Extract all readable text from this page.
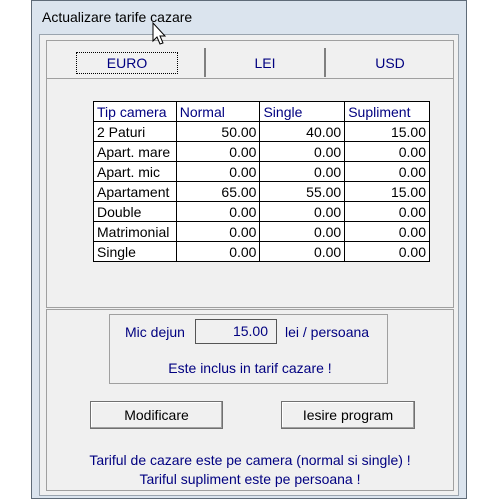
Actualizare tarife cazare
EURO	LEI	USD
Tip camera	Normal	Single	Supliment
2 Paturi	50.00	40.00	15.00
Apart. mare	0.00	0.00	0.00
Apart. mic	0.00	0.00	0.00
Apartament	65.00	55.00	15.00
Double	0.00	0.00	0.00
Matrimonial	0.00	0.00	0.00
Single	0.00	0.00	0.00
Mic dejun	15.00	lei / persoana
Este inclus in tarif cazare !
Modificare	Iesire program
Tariful de cazare este pe camera (normal si single) !
Tariful supliment este pe persoana !
